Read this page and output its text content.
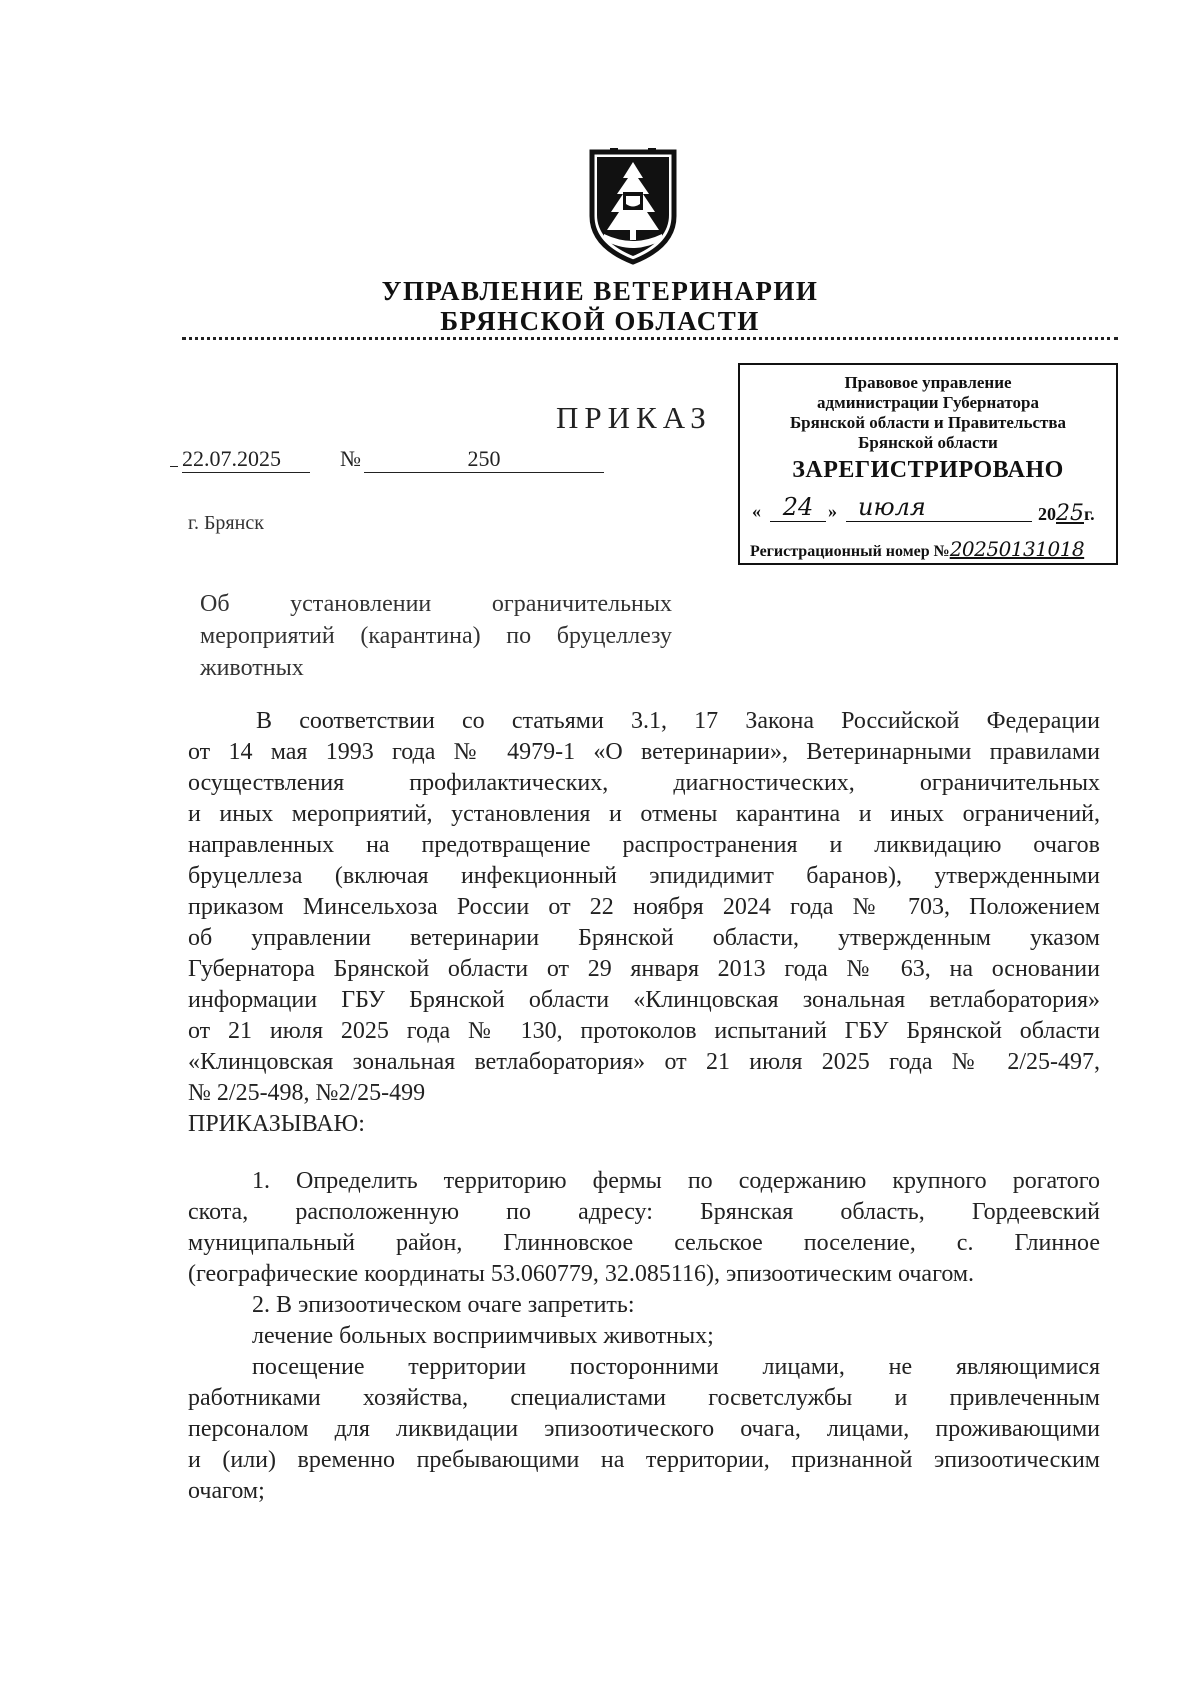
УПРАВЛЕНИЕ ВЕТЕРИНАРИИ
БРЯНСКОЙ ОБЛАСТИ
ПРИКАЗ
22.07.2025	№	250
г. Брянск
Правовое управление
администрации Губернатора
Брянской области и Правительства
Брянской области
ЗАРЕГИСТРИРОВАНО
« 24 » июля	2025г.
Регистрационный номер №20250131018
Об установлении ограничительных
мероприятий (карантина) по бруцеллезу
животных
В соответствии со статьями 3.1, 17 Закона Российской Федерации
от 14 мая 1993 года № 4979-1 «О ветеринарии», Ветеринарными правилами
осуществления профилактических, диагностических, ограничительных
и иных мероприятий, установления и отмены карантина и иных ограничений,
направленных на предотвращение распространения и ликвидацию очагов
бруцеллеза (включая инфекционный эпидидимит баранов), утвержденными
приказом Минсельхоза России от 22 ноября 2024 года № 703, Положением
об управлении ветеринарии Брянской области, утвержденным указом
Губернатора Брянской области от 29 января 2013 года № 63, на основании
информации ГБУ Брянской области «Клинцовская зональная ветлаборатория»
от 21 июля 2025 года № 130, протоколов испытаний ГБУ Брянской области
«Клинцовская зональная ветлаборатория» от 21 июля 2025 года № 2/25-497,
№ 2/25-498, №2/25-499
ПРИКАЗЫВАЮ:
1. Определить территорию фермы по содержанию крупного рогатого
скота, расположенную по адресу: Брянская область, Гордеевский
муниципальный район, Глинновское сельское поселение, с. Глинное
(географические координаты 53.060779, 32.085116), эпизоотическим очагом.
2. В эпизоотическом очаге запретить:
лечение больных восприимчивых животных;
посещение территории посторонними лицами, не являющимися
работниками хозяйства, специалистами госветслужбы и привлеченным
персоналом для ликвидации эпизоотического очага, лицами, проживающими
и (или) временно пребывающими на территории, признанной эпизоотическим
очагом;
